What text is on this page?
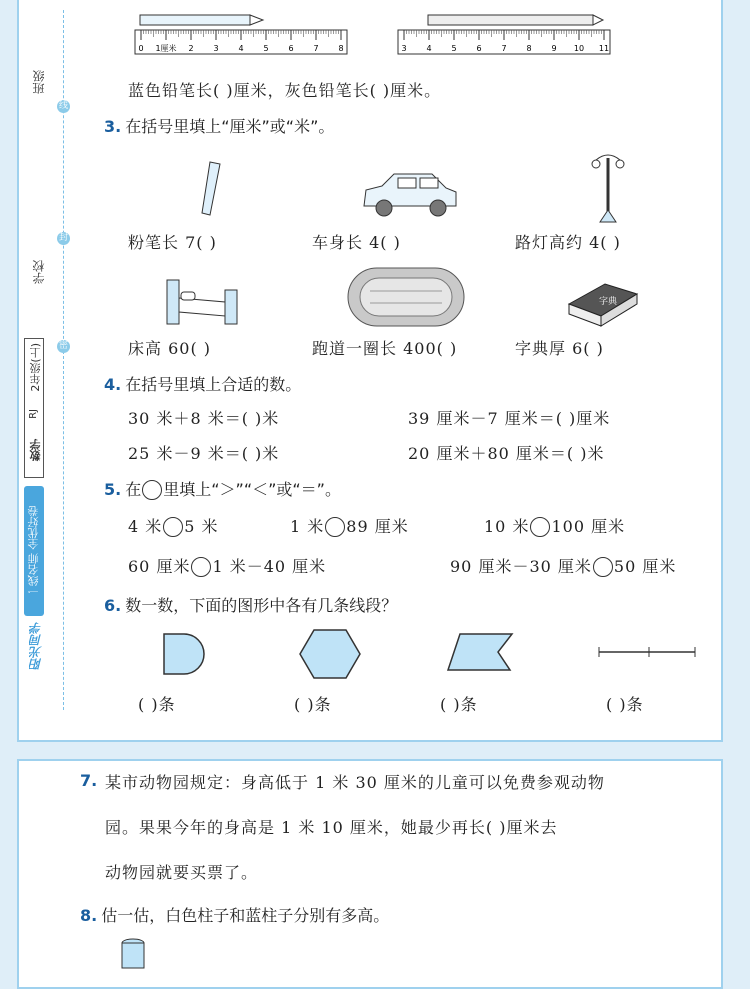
班级
学校
线
封
密
2年级(上)
RJ
数学
一线名师 全优好卷
阳光同学
0 1厘米 2 3 4 5 6 7 8	3 4 5 6 7 8 9 10 11
蓝色铅笔长( )厘米，灰色铅笔长( )厘米。
3. 在括号里填上“厘米”或“米”。
粉笔长 7( )	车身长 4( )	路灯高约 4( )
字典
床高 60( )	跑道一圈长 400( )	字典厚 6( )
4. 在括号里填上合适的数。
30 米＋8 米＝( )米	39 厘米－7 厘米＝( )厘米
25 米－9 米＝( )米	20 厘米＋80 厘米＝( )米
5. 在 里填上“＞”“＜”或“＝”。
4 米 5 米	1 米 89 厘米	10 米 100 厘米
60 厘米 1 米－40 厘米	90 厘米－30 厘米 50 厘米
6. 数一数，下面的图形中各有几条线段？
( )条	( )条	( )条	( )条
7. 某市动物园规定：身高低于 1 米 30 厘米的儿童可以免费参观动物
园。果果今年的身高是 1 米 10 厘米，她最少再长( )厘米去
动物园就要买票了。
8. 估一估，白色柱子和蓝柱子分别有多高。
